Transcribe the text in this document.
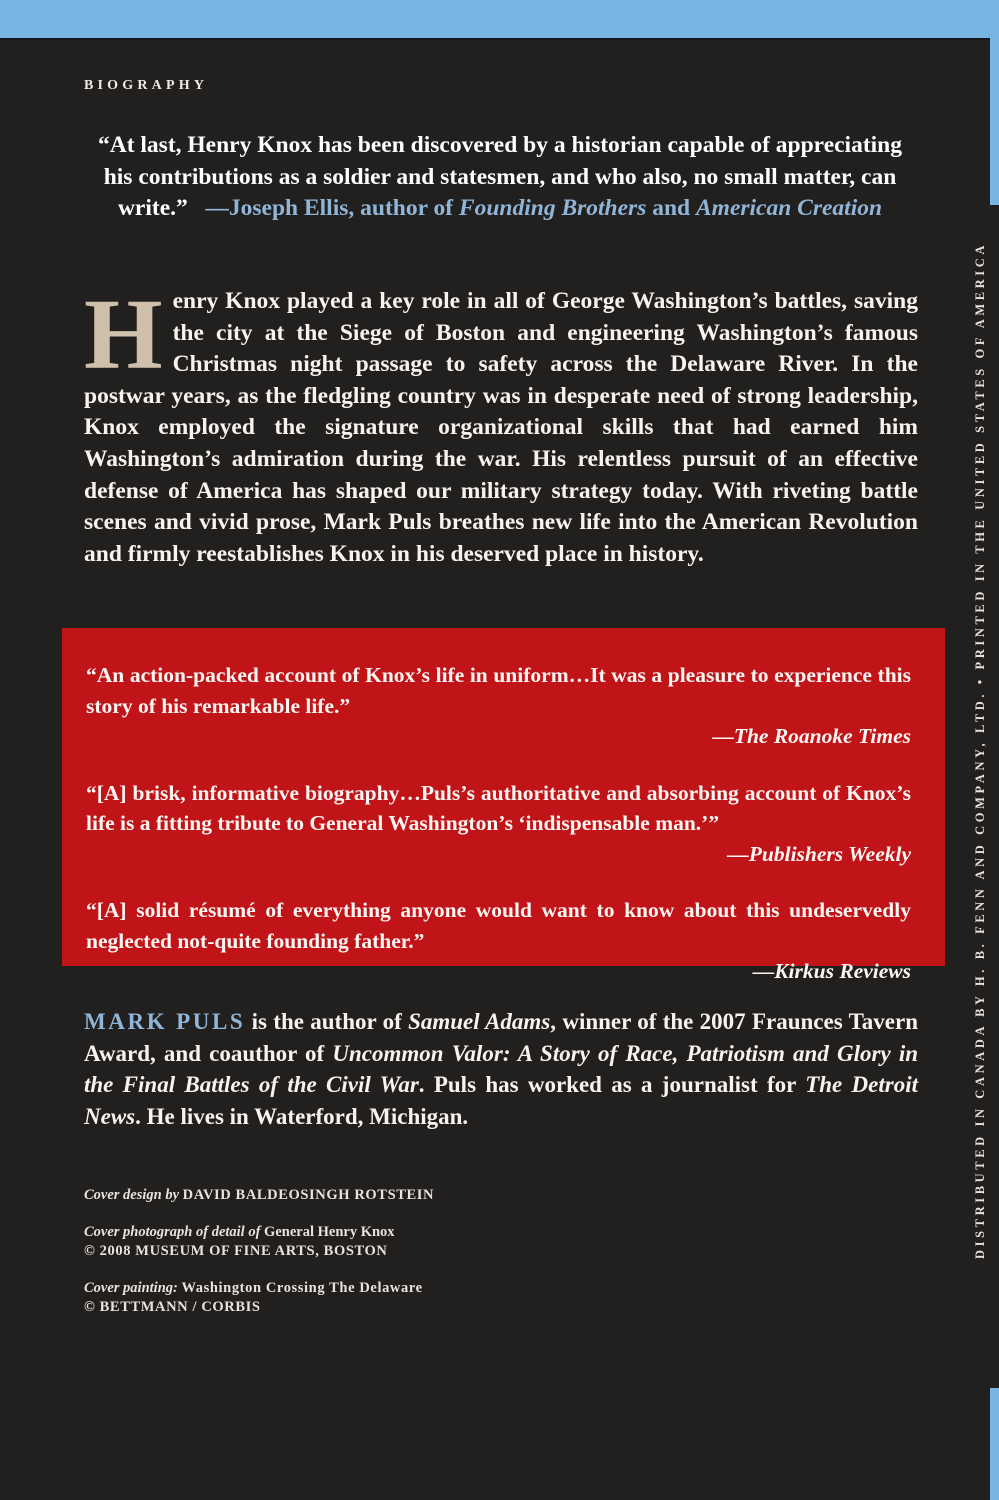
BIOGRAPHY
“At last, Henry Knox has been discovered by a historian capable of appreciating his contributions as a soldier and statesmen, and who also, no small matter, can write.” —Joseph Ellis, author of Founding Brothers and American Creation
Henry Knox played a key role in all of George Washington’s battles, saving the city at the Siege of Boston and engineering Washington’s famous Christmas night passage to safety across the Delaware River. In the postwar years, as the fledgling country was in desperate need of strong leadership, Knox employed the signature organizational skills that had earned him Washington’s admiration during the war. His relentless pursuit of an effective defense of America has shaped our military strategy today. With riveting battle scenes and vivid prose, Mark Puls breathes new life into the American Revolution and firmly reestablishes Knox in his deserved place in history.
“An action-packed account of Knox’s life in uniform…It was a pleasure to experience this story of his remarkable life.”
—The Roanoke Times
“[A] brisk, informative biography…Puls’s authoritative and absorbing account of Knox’s life is a fitting tribute to General Washington’s ‘indispensable man.’”
—Publishers Weekly
“[A] solid résumé of everything anyone would want to know about this undeservedly neglected not-quite founding father.”
—Kirkus Reviews
MARK PULS is the author of Samuel Adams, winner of the 2007 Fraunces Tavern Award, and coauthor of Uncommon Valor: A Story of Race, Patriotism and Glory in the Final Battles of the Civil War. Puls has worked as a journalist for The Detroit News. He lives in Waterford, Michigan.
Cover design by DAVID BALDEOSINGH ROTSTEIN
Cover photograph of detail of General Henry Knox
© 2008 MUSEUM OF FINE ARTS, BOSTON
Cover painting: Washington Crossing The Delaware
© BETTMANN / CORBIS
DISTRIBUTED IN CANADA BY H. B. FENN AND COMPANY, LTD. • PRINTED IN THE UNITED STATES OF AMERICA
